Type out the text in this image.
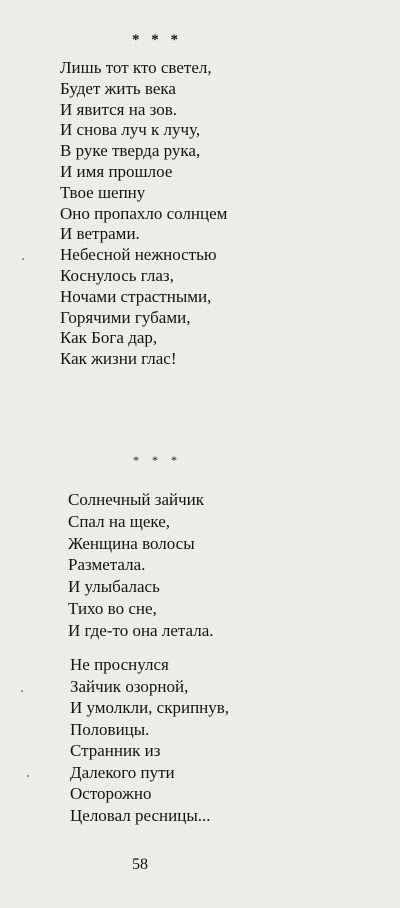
* * *
Лишь тот кто светел,
Будет жить века
И явится на зов.
И снова луч к лучу,
В руке тверда рука,
И имя прошлое
Твое шепну
Оно пропахло солнцем
И ветрами.
Небесной нежностью
Коснулось глаз,
Ночами страстными,
Горячими губами,
Как Бога дар,
Как жизни глас!
* * *
Солнечный зайчик
Спал на щеке,
Женщина волосы
Разметала.
И улыбалась
Тихо во сне,
И где-то она летала.
Не проснулся
Зайчик озорной,
И умолкли, скрипнув,
Половицы.
Странник из
Далекого пути
Осторожно
Целовал ресницы...
58
